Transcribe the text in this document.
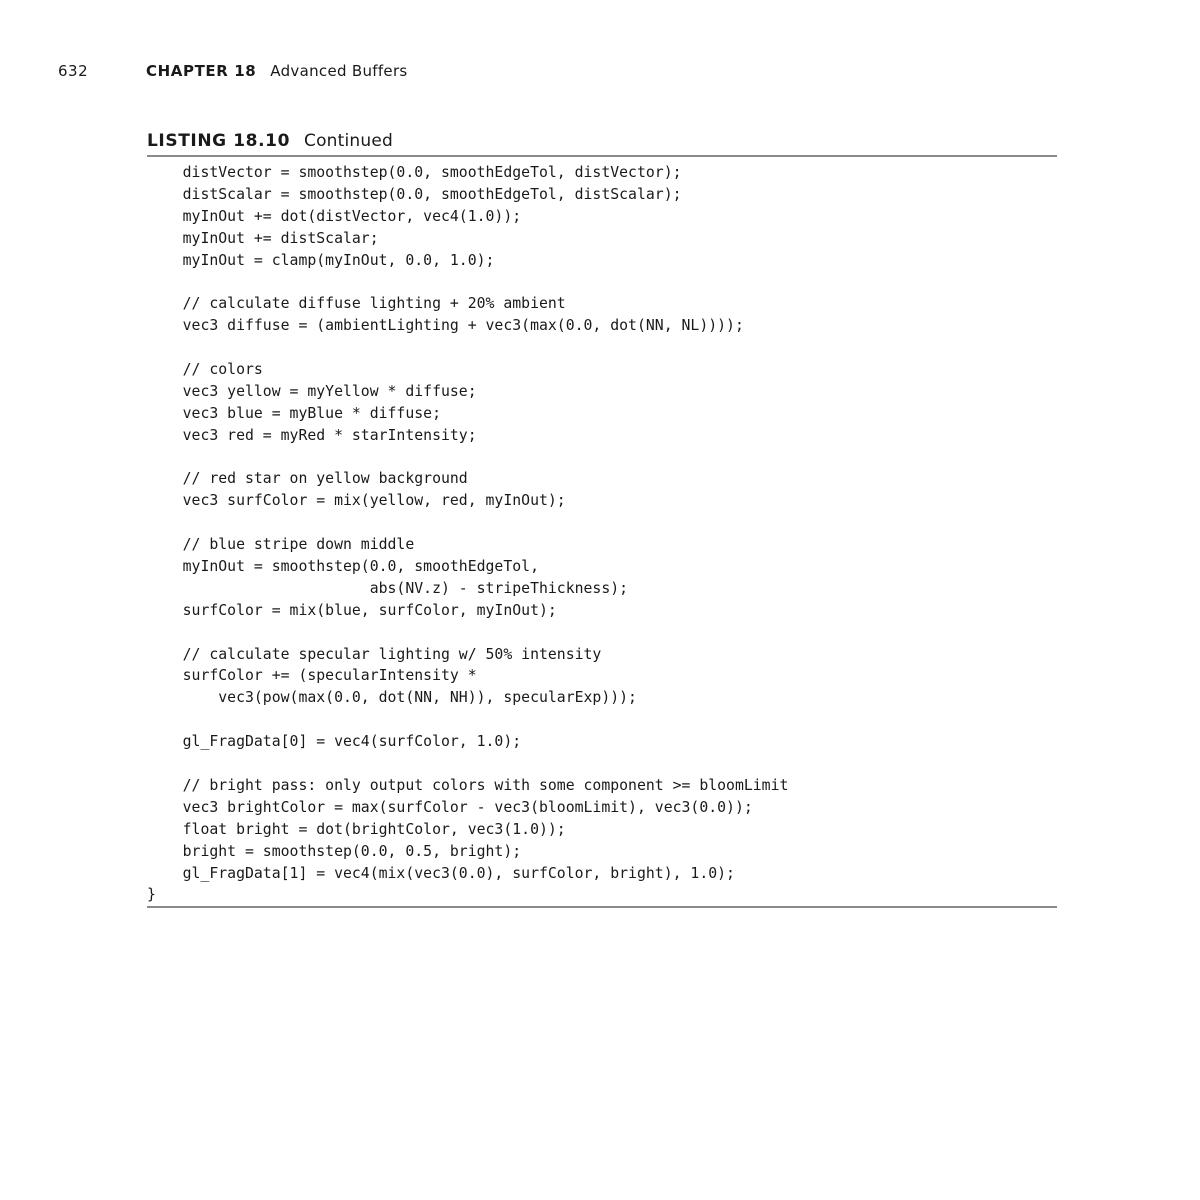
632	CHAPTER 18 Advanced Buffers
LISTING 18.10 Continued
distVector = smoothstep(0.0, smoothEdgeTol, distVector);
distScalar = smoothstep(0.0, smoothEdgeTol, distScalar);
myInOut += dot(distVector, vec4(1.0));
myInOut += distScalar;
myInOut = clamp(myInOut, 0.0, 1.0);
// calculate diffuse lighting + 20% ambient
vec3 diffuse = (ambientLighting + vec3(max(0.0, dot(NN, NL))));
// colors
vec3 yellow = myYellow * diffuse;
vec3 blue = myBlue * diffuse;
vec3 red = myRed * starIntensity;
// red star on yellow background
vec3 surfColor = mix(yellow, red, myInOut);
// blue stripe down middle
myInOut = smoothstep(0.0, smoothEdgeTol,
abs(NV.z) - stripeThickness);
surfColor = mix(blue, surfColor, myInOut);
// calculate specular lighting w/ 50% intensity
surfColor += (specularIntensity *
vec3(pow(max(0.0, dot(NN, NH)), specularExp)));
gl_FragData[0] = vec4(surfColor, 1.0);
// bright pass: only output colors with some component >= bloomLimit
vec3 brightColor = max(surfColor - vec3(bloomLimit), vec3(0.0));
float bright = dot(brightColor, vec3(1.0));
bright = smoothstep(0.0, 0.5, bright);
gl_FragData[1] = vec4(mix(vec3(0.0), surfColor, bright), 1.0);
}
